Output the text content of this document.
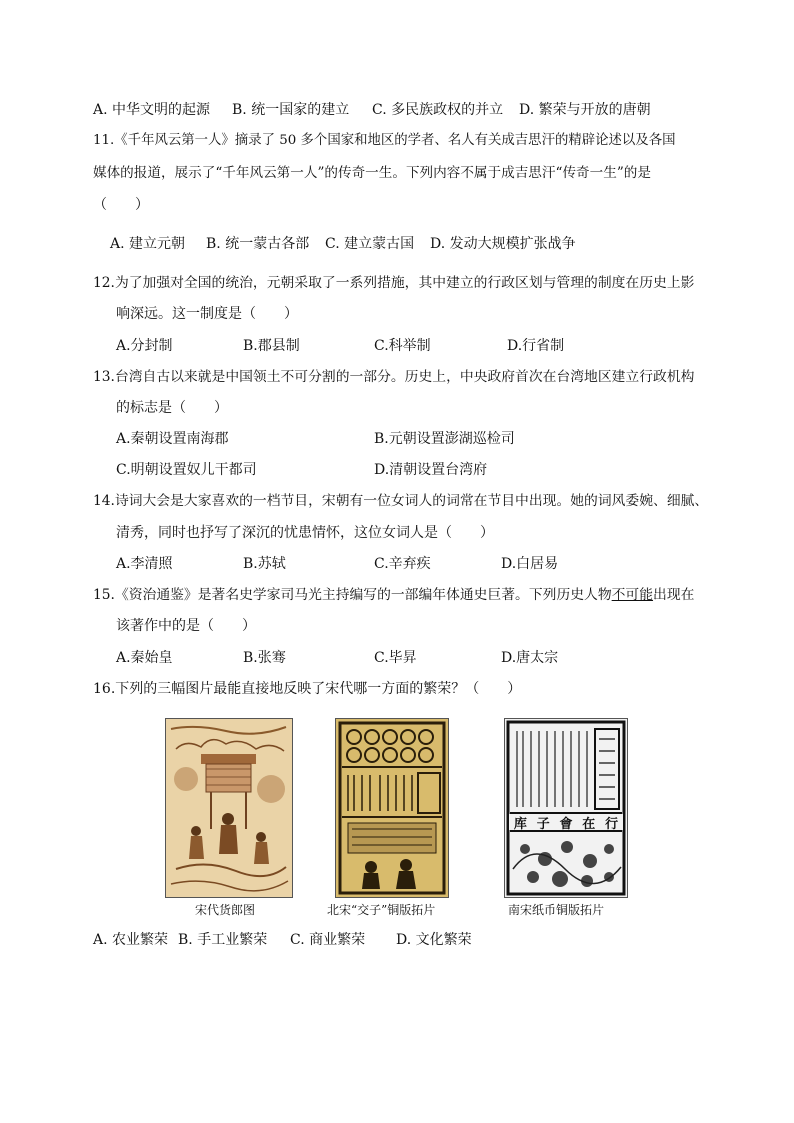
A. 中华文明的起源 B. 统一国家的建立 C. 多民族政权的并立 D. 繁荣与开放的唐朝
11.《千年风云第一人》摘录了 50 多个国家和地区的学者、名人有关成吉思汗的精辟论述以及各国
媒体的报道，展示了“千年风云第一人”的传奇一生。下列内容不属于成吉思汗“传奇一生”的是
（　　）
A. 建立元朝 B. 统一蒙古各部 C. 建立蒙古国 D. 发动大规模扩张战争
12.为了加强对全国的统治，元朝采取了一系列措施，其中建立的行政区划与管理的制度在历史上影
响深远。这一制度是（　　）
A.分封制	B.郡县制	C.科举制	D.行省制
13.台湾自古以来就是中国领土不可分割的一部分。历史上，中央政府首次在台湾地区建立行政机构
的标志是（　　）
A.秦朝设置南海郡	B.元朝设置澎湖巡检司
C.明朝设置奴儿干都司	D.清朝设置台湾府
14.诗词大会是大家喜欢的一档节目，宋朝有一位女词人的词常在节目中出现。她的词风委婉、细腻、
清秀，同时也抒写了深沉的忧患情怀，这位女词人是（　　）
A.李清照	B.苏轼	C.辛弃疾	D.白居易
15.《资治通鉴》是著名史学家司马光主持编写的一部编年体通史巨著。下列历史人物不可能出现在
该著作中的是（　　）
A.秦始皇	B.张骞	C.毕昇	D.唐太宗
16.下列的三幅图片最能直接地反映了宋代哪一方面的繁荣？（　　）
库 子 會 在 行
宋代货郎图	北宋“交子”铜版拓片	南宋纸币铜版拓片
A. 农业繁荣 B. 手工业繁荣 C. 商业繁荣 D. 文化繁荣
